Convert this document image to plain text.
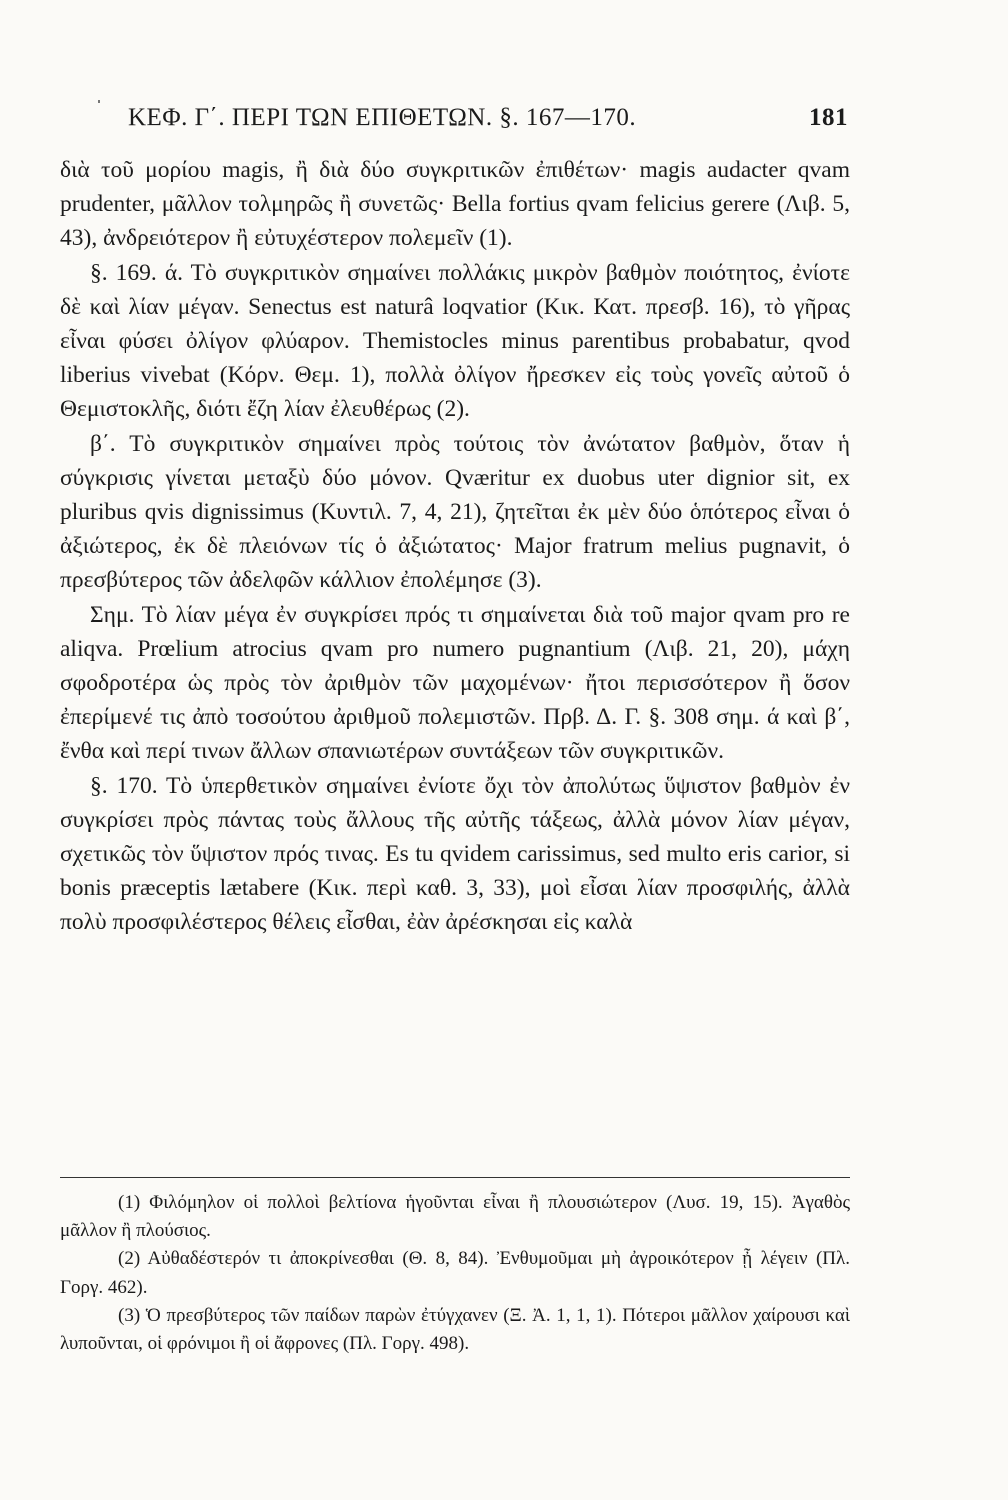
ΚΕΦ. Γ΄. ΠΕΡΙ ΤΩΝ ΕΠΙΘΕΤΩΝ. §. 167—170.	181

διὰ τοῦ μορίου magis, ἢ διὰ δύο συγκριτικῶν ἐπιθέτων· magis audacter qvam prudenter, μᾶλλον τολμηρῶς ἢ συνετῶς· Bella fortius qvam felicius gerere (Λιβ. 5, 43), ἀνδρειότερον ἢ εὐτυχέστερον πολεμεῖν (1).

§. 169. ά. Τὸ συγκριτικὸν σημαίνει πολλάκις μικρὸν βαθμὸν ποιότητος, ἐνίοτε δὲ καὶ λίαν μέγαν. Senectus est naturâ loqvatior (Κικ. Κατ. πρεσβ. 16), τὸ γῆρας εἶναι φύσει ὀλίγον φλύαρον. Themistocles minus parentibus probabatur, qvod liberius vivebat (Κόρν. Θεμ. 1), πολλὰ ὀλίγον ἤρεσκεν εἰς τοὺς γονεῖς αὐτοῦ ὁ Θεμιστοκλῆς, διότι ἔζη λίαν ἐλευθέρως (2).

β΄. Τὸ συγκριτικὸν σημαίνει πρὸς τούτοις τὸν ἀνώτατον βαθμὸν, ὅταν ἡ σύγκρισις γίνεται μεταξὺ δύο μόνον. Qværitur ex duobus uter dignior sit, ex pluribus qvis dignissimus (Κυντιλ. 7, 4, 21), ζητεῖται ἐκ μὲν δύο ὁπότερος εἶναι ὁ ἀξιώτερος, ἐκ δὲ πλειόνων τίς ὁ ἀξιώτατος· Major fratrum melius pugnavit, ὁ πρεσβύτερος τῶν ἀδελφῶν κάλλιον ἐπολέμησε (3).

Σημ. Τὸ λίαν μέγα ἐν συγκρίσει πρός τι σημαίνεται διὰ τοῦ major qvam pro re aliqva. Prœlium atrocius qvam pro numero pugnantium (Λιβ. 21, 20), μάχη σφοδροτέρα ὡς πρὸς τὸν ἀριθμὸν τῶν μαχομένων· ἤτοι περισσότερον ἢ ὅσον ἐπερίμενέ τις ἀπὸ τοσούτου ἀριθμοῦ πολεμιστῶν. Πρβ. Δ. Γ. §. 308 σημ. ά καὶ β΄, ἔνθα καὶ περί τινων ἄλλων σπανιωτέρων συντάξεων τῶν συγκριτικῶν.

§. 170. Τὸ ὑπερθετικὸν σημαίνει ἐνίοτε ὄχι τὸν ἀπολύτως ὕψιστον βαθμὸν ἐν συγκρίσει πρὸς πάντας τοὺς ἄλλους τῆς αὐτῆς τάξεως, ἀλλὰ μόνον λίαν μέγαν, σχετικῶς τὸν ὕψιστον πρός τινας. Es tu qvidem carissimus, sed multo eris carior, si bonis præceptis lætabere (Κικ. περὶ καθ. 3, 33), μοὶ εἶσαι λίαν προσφιλής, ἀλλὰ πολὺ προσφιλέστερος θέλεις εἶσθαι, ἐὰν ἀρέσκησαι εἰς καλὰ

(1) Φιλόμηλον οἱ πολλοὶ βελτίονα ἡγοῦνται εἶναι ἢ πλουσιώτερον (Λυσ. 19, 15). Ἀγαθὸς μᾶλλον ἢ πλούσιος.

(2) Αὐθαδέστερόν τι ἀποκρίνεσθαι (Θ. 8, 84). Ἐνθυμοῦμαι μὴ ἀγροικότερον ᾖ λέγειν (Πλ. Γοργ. 462).

(3) Ὁ πρεσβύτερος τῶν παίδων παρὼν ἐτύγχανεν (Ξ. Ἀ. 1, 1, 1). Πότεροι μᾶλλον χαίρουσι καὶ λυποῦνται, οἱ φρόνιμοι ἢ οἱ ἄφρονες (Πλ. Γοργ. 498).
